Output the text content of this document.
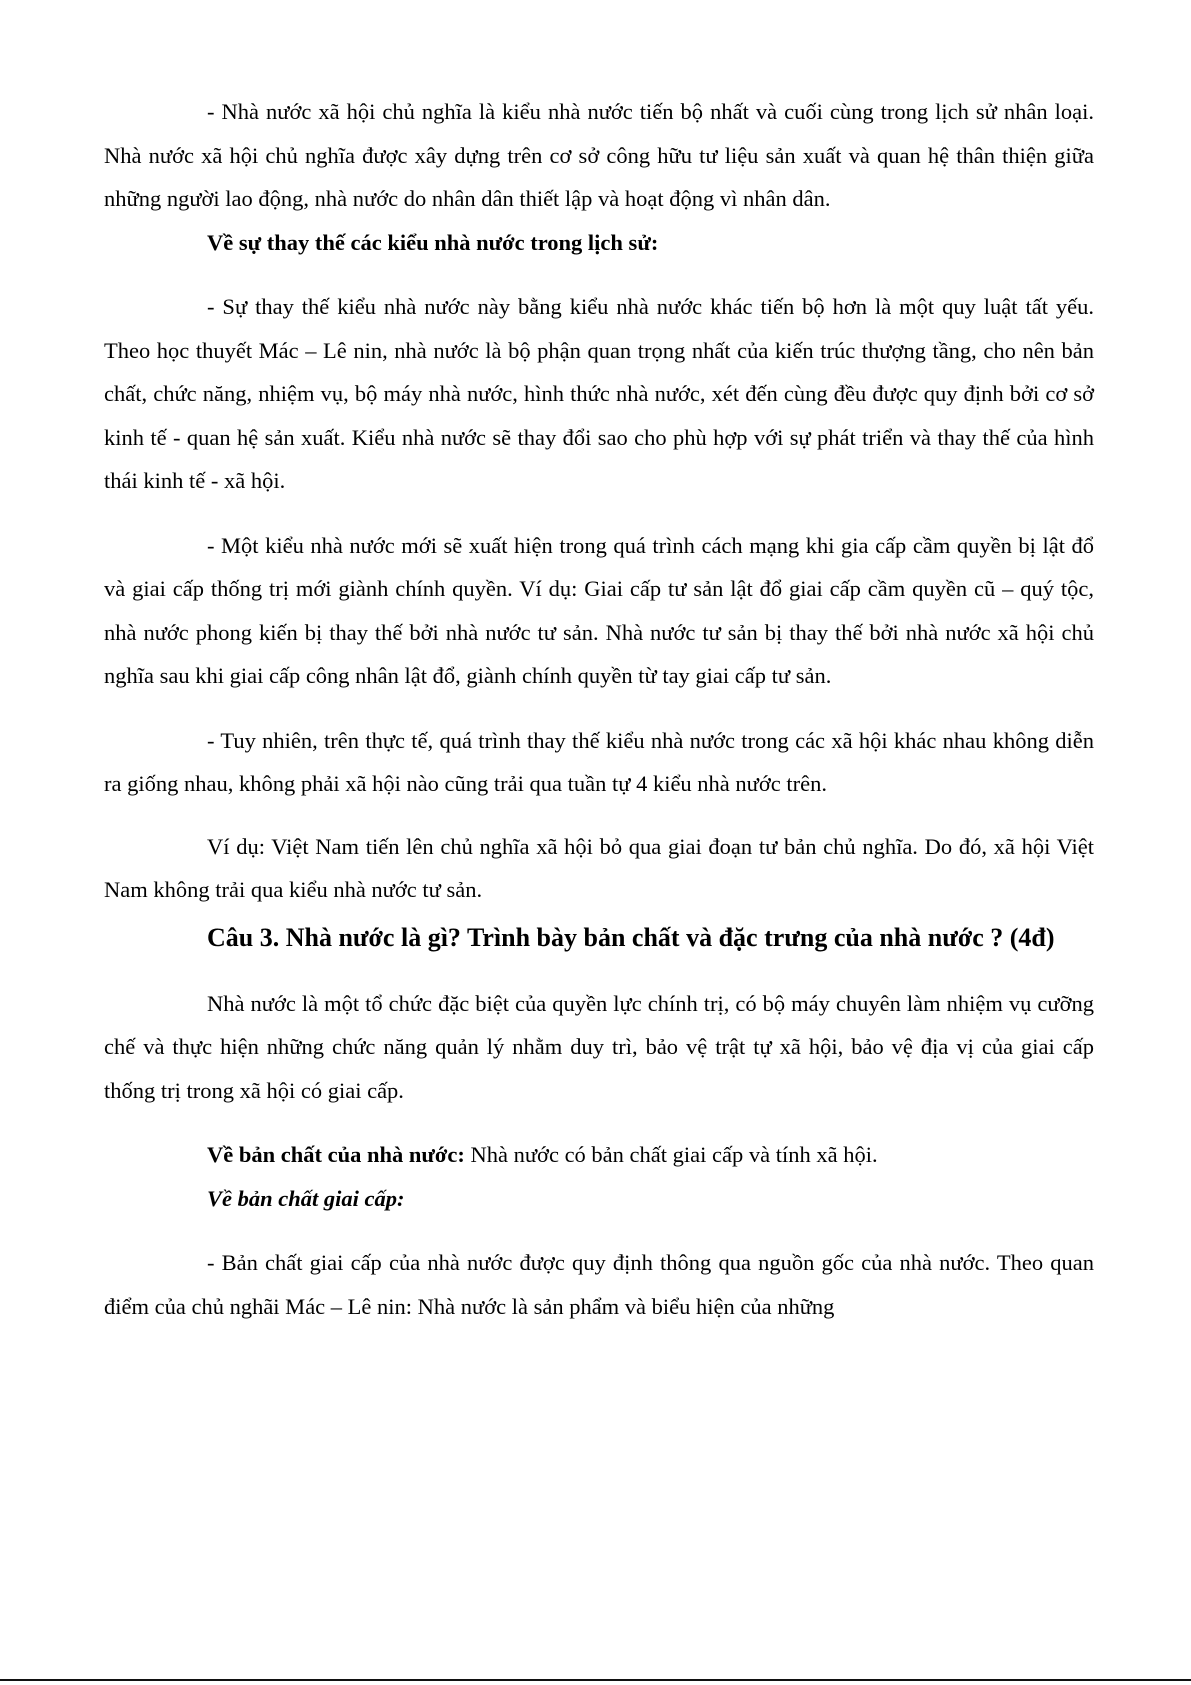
- Nhà nước xã hội chủ nghĩa là kiểu nhà nước tiến bộ nhất và cuối cùng trong lịch sử nhân loại. Nhà nước xã hội chủ nghĩa được xây dựng trên cơ sở công hữu tư liệu sản xuất và quan hệ thân thiện giữa những người lao động, nhà nước do nhân dân thiết lập và hoạt động vì nhân dân.

Về sự thay thế các kiểu nhà nước trong lịch sử:

- Sự thay thế kiểu nhà nước này bằng kiểu nhà nước khác tiến bộ hơn là một quy luật tất yếu. Theo học thuyết Mác – Lê nin, nhà nước là bộ phận quan trọng nhất của kiến trúc thượng tầng, cho nên bản chất, chức năng, nhiệm vụ, bộ máy nhà nước, hình thức nhà nước, xét đến cùng đều được quy định bởi cơ sở kinh tế - quan hệ sản xuất. Kiểu nhà nước sẽ thay đổi sao cho phù hợp với sự phát triển và thay thế của hình thái kinh tế - xã hội.

- Một kiểu nhà nước mới sẽ xuất hiện trong quá trình cách mạng khi gia cấp cầm quyền bị lật đổ và giai cấp thống trị mới giành chính quyền. Ví dụ: Giai cấp tư sản lật đổ giai cấp cầm quyền cũ – quý tộc, nhà nước phong kiến bị thay thế bởi nhà nước tư sản. Nhà nước tư sản bị thay thế bởi nhà nước xã hội chủ nghĩa sau khi giai cấp công nhân lật đổ, giành chính quyền từ tay giai cấp tư sản.

- Tuy nhiên, trên thực tế, quá trình thay thế kiểu nhà nước trong các xã hội khác nhau không diễn ra giống nhau, không phải xã hội nào cũng trải qua tuần tự 4 kiểu nhà nước trên.

Ví dụ: Việt Nam tiến lên chủ nghĩa xã hội bỏ qua giai đoạn tư bản chủ nghĩa. Do đó, xã hội Việt Nam không trải qua kiểu nhà nước tư sản.

Câu 3. Nhà nước là gì? Trình bày bản chất và đặc trưng của nhà nước ? (4đ)

Nhà nước là một tổ chức đặc biệt của quyền lực chính trị, có bộ máy chuyên làm nhiệm vụ cưỡng chế và thực hiện những chức năng quản lý nhằm duy trì, bảo vệ trật tự xã hội, bảo vệ địa vị của giai cấp thống trị trong xã hội có giai cấp.

Về bản chất của nhà nước: Nhà nước có bản chất giai cấp và tính xã hội.

Về bản chất giai cấp:

- Bản chất giai cấp của nhà nước được quy định thông qua nguồn gốc của nhà nước. Theo quan điểm của chủ nghãi Mác – Lê nin: Nhà nước là sản phẩm và biểu hiện của những
